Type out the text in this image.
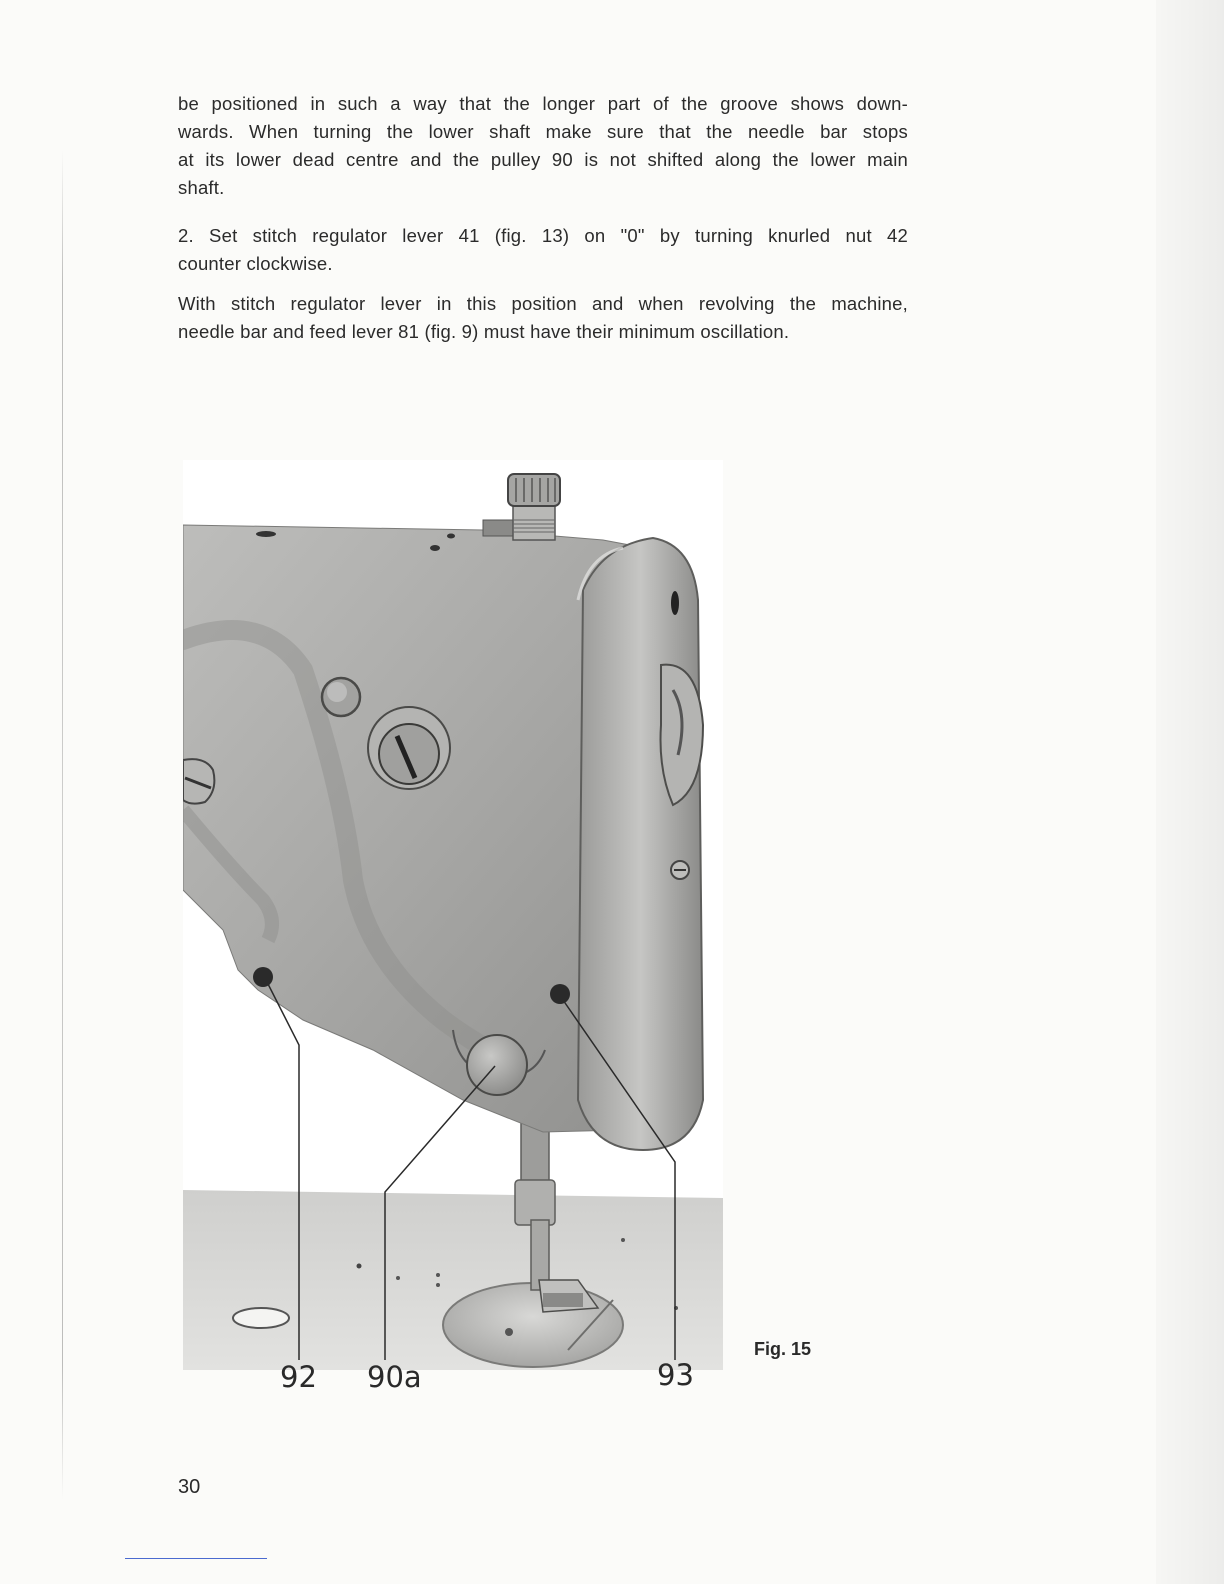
be positioned in such a way that the longer part of the groove shows down-
wards. When turning the lower shaft make sure that the needle bar stops
at its lower dead centre and the pulley 90 is not shifted along the lower main
shaft.
2. Set stitch regulator lever 41 (fig. 13) on "0" by turning knurled nut 42
counter clockwise.
With stitch regulator lever in this position and when revolving the machine,
needle bar and feed lever 81 (fig. 9) must have their minimum oscillation.
92 90a	93
Fig. 15
30
